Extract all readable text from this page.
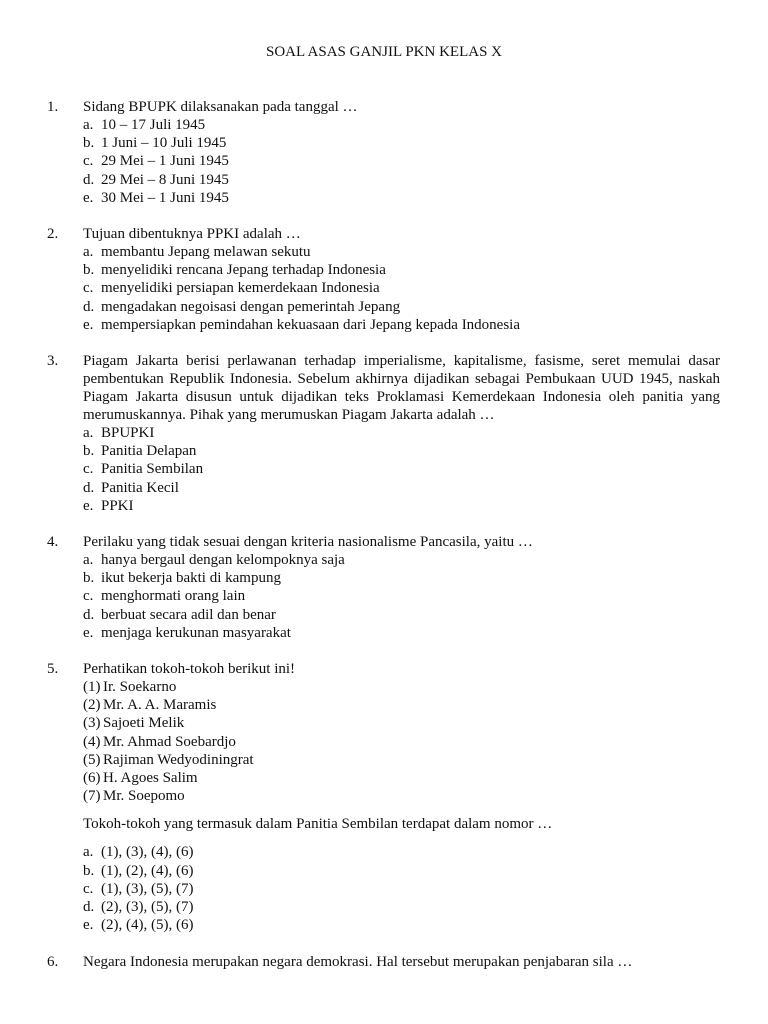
SOAL ASAS GANJIL PKN KELAS X
1.	Sidang BPUPK dilaksanakan pada tanggal …
a. 10 – 17 Juli 1945
b. 1 Juni – 10 Juli 1945
c. 29 Mei – 1 Juni 1945
d. 29 Mei – 8 Juni 1945
e. 30 Mei – 1 Juni 1945
2.	Tujuan dibentuknya PPKI adalah …
a. membantu Jepang melawan sekutu
b. menyelidiki rencana Jepang terhadap Indonesia
c. menyelidiki persiapan kemerdekaan Indonesia
d. mengadakan negoisasi dengan pemerintah Jepang
e. mempersiapkan pemindahan kekuasaan dari Jepang kepada Indonesia
3.	Piagam Jakarta berisi perlawanan terhadap imperialisme, kapitalisme, fasisme, seret memulai dasar pembentukan Republik Indonesia. Sebelum akhirnya dijadikan sebagai Pembukaan UUD 1945, naskah Piagam Jakarta disusun untuk dijadikan teks Proklamasi Kemerdekaan Indonesia oleh panitia yang merumuskannya. Pihak yang merumuskan Piagam Jakarta adalah …
a. BPUPKI
b. Panitia Delapan
c. Panitia Sembilan
d. Panitia Kecil
e. PPKI
4.	Perilaku yang tidak sesuai dengan kriteria nasionalisme Pancasila, yaitu …
a. hanya bergaul dengan kelompoknya saja
b. ikut bekerja bakti di kampung
c. menghormati orang lain
d. berbuat secara adil dan benar
e. menjaga kerukunan masyarakat
5.	Perhatikan tokoh-tokoh berikut ini!
(1) Ir. Soekarno
(2) Mr. A. A. Maramis
(3) Sajoeti Melik
(4) Mr. Ahmad Soebardjo
(5) Rajiman Wedyodiningrat
(6) H. Agoes Salim
(7) Mr. Soepomo
Tokoh-tokoh yang termasuk dalam Panitia Sembilan terdapat dalam nomor …
a. (1), (3), (4), (6)
b. (1), (2), (4), (6)
c. (1), (3), (5), (7)
d. (2), (3), (5), (7)
e. (2), (4), (5), (6)
6.	Negara Indonesia merupakan negara demokrasi. Hal tersebut merupakan penjabaran sila …
